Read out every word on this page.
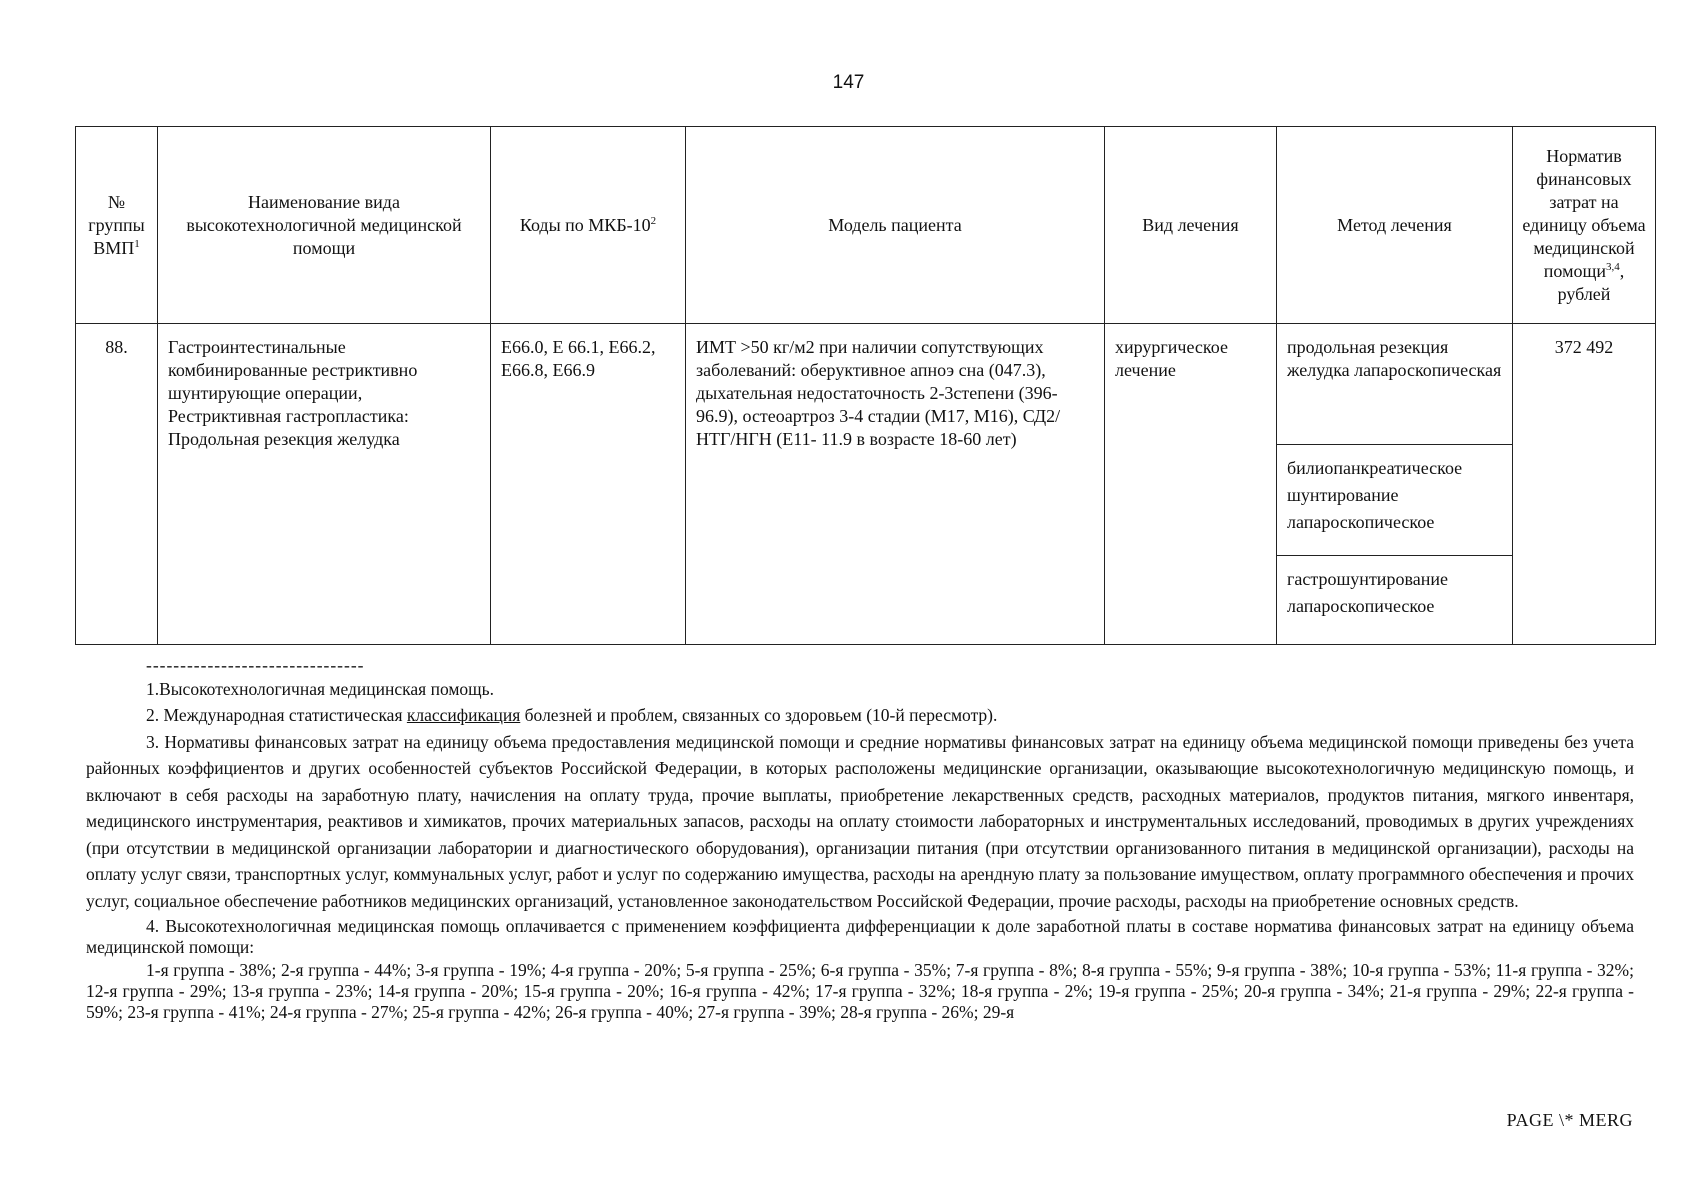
147
№ группы ВМП$^1$	Наименование вида высокотехнологичной медицинской помощи	Коды по МКБ-$10^2$	Модель пациента	Вид лечения	Метод лечения	Норматив финансовых затрат на единицу объема медицинской помощи$^{3,4}$, рублей
88.	Гастроинтестинальные комбинированные рестриктивно шунтирующие операции, Рестриктивная гастропластика: Продольная резекция желудка	E66.0, E 66.1, E66.2, E66.8, E66.9	ИМТ >50 кг/м2 при наличии сопутствующих заболеваний: оберуктивное апноэ сна (047.3), дыхательная недостаточность 2-3степени (396-96.9), остеоартроз 3-4 стадии (М17, М16), СД2/НТГ/НГН (E11- 11.9 в возрасте 18-60 лет)	хирургическое лечение	продольная резекция желудка лапароскопическая	372 492
					билиопанкреатическое шунтирование лапароскопическое	
					гастрошунтирование лапароскопическое	

--------------------------------

1.Высокотехнологичная медицинская помощь.

2. Международная статистическая классификация болезней и проблем, связанных со здоровьем (10-й пересмотр).

3. Нормативы финансовых затрат на единицу объема предоставления медицинской помощи и средние нормативы финансовых затрат на единицу объема медицинской помощи приведены без учета районных коэффициентов и других особенностей субъектов Российской Федерации, в которых расположены медицинские организации, оказывающие высокотехнологичную медицинскую помощь, и включают в себя расходы на заработную плату, начисления на оплату труда, прочие выплаты, приобретение лекарственных средств, расходных материалов, продуктов питания, мягкого инвентаря, медицинского инструментария, реактивов и химикатов, прочих материальных запасов, расходы на оплату стоимости лабораторных и инструментальных исследований, проводимых в других учреждениях (при отсутствии в медицинской организации лаборатории и диагностического оборудования), организации питания (при отсутствии организованного питания в медицинской организации), расходы на оплату услуг связи, транспортных услуг, коммунальных услуг, работ и услуг по содержанию имущества, расходы на арендную плату за пользование имуществом, оплату программного обеспечения и прочих услуг, социальное обеспечение работников медицинских организаций, установленное законодательством Российской Федерации, прочие расходы, расходы на приобретение основных средств.

4. Высокотехнологичная медицинская помощь оплачивается с применением коэффициента дифференциации к доле заработной платы в составе норматива финансовых затрат на единицу объема медицинской помощи:

1-я группа - 38%; 2-я группа - 44%; 3-я группа - 19%; 4-я группа - 20%; 5-я группа - 25%; 6-я группа - 35%; 7-я группа - 8%; 8-я группа - 55%; 9-я группа - 38%; 10-я группа - 53%; 11-я группа - 32%; 12-я группа - 29%; 13-я группа - 23%; 14-я группа - 20%; 15-я группа - 20%; 16-я группа - 42%; 17-я группа - 32%; 18-я группа - 2%; 19-я группа - 25%; 20-я группа - 34%; 21-я группа - 29%; 22-я группа - 59%; 23-я группа - 41%; 24-я группа - 27%; 25-я группа - 42%; 26-я группа - 40%; 27-я группа - 39%; 28-я группа - 26%; 29-я

PAGE \* MERG
